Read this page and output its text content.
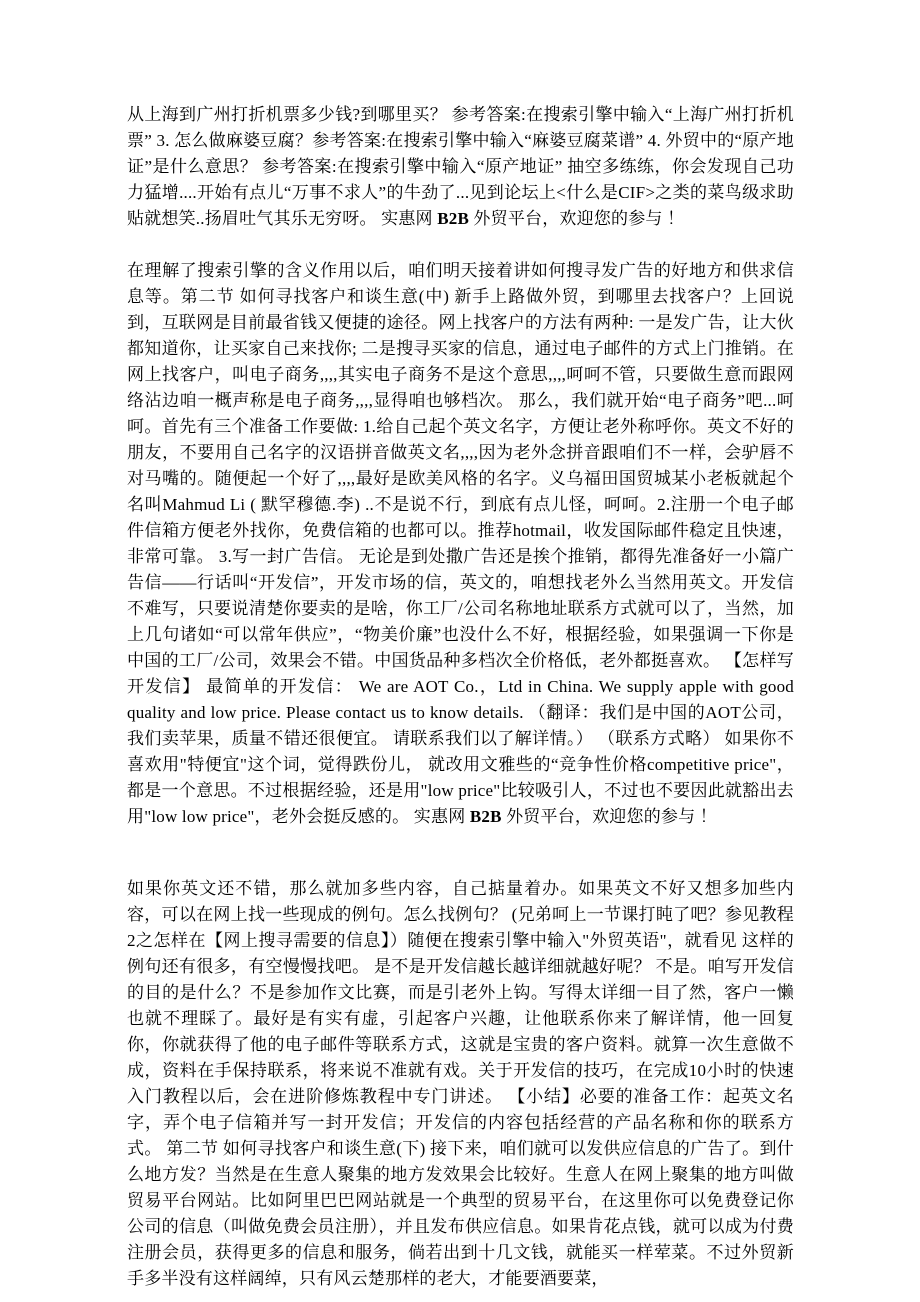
从上海到广州打折机票多少钱?到哪里买？ 参考答案:在搜索引擎中输入“上海广州打折机票” 3. 怎么做麻婆豆腐？参考答案:在搜索引擎中输入“麻婆豆腐菜谱” 4. 外贸中的“原产地证”是什么意思？ 参考答案:在搜索引擎中输入“原产地证” 抽空多练练，你会发现自己功力猛增....开始有点儿“万事不求人”的牛劲了...见到论坛上<什么是CIF>之类的菜鸟级求助贴就想笑..扬眉吐气其乐无穷呀。 实惠网 B2B 外贸平台，欢迎您的参与 ！

在理解了搜索引擎的含义作用以后，咱们明天接着讲如何搜寻发广告的好地方和供求信息等。第二节 如何寻找客户和谈生意(中) 新手上路做外贸，到哪里去找客户？上回说到，互联网是目前最省钱又便捷的途径。网上找客户的方法有两种: 一是发广告，让大伙都知道你，让买家自己来找你; 二是搜寻买家的信息，通过电子邮件的方式上门推销。在网上找客户，叫电子商务,,,,其实电子商务不是这个意思,,,,呵呵不管，只要做生意而跟网络沾边咱一概声称是电子商务,,,,显得咱也够档次。 那么，我们就开始“电子商务”吧...呵呵。首先有三个准备工作要做: 1.给自己起个英文名字，方便让老外称呼你。英文不好的朋友，不要用自己名字的汉语拼音做英文名,,,,因为老外念拼音跟咱们不一样，会驴唇不对马嘴的。随便起一个好了,,,,最好是欧美风格的名字。义乌福田国贸城某小老板就起个名叫Mahmud Li ( 默罕穆德.李) ..不是说不行，到底有点儿怪，呵呵。2.注册一个电子邮件信箱方便老外找你，免费信箱的也都可以。推荐hotmail，收发国际邮件稳定且快速，非常可靠。 3.写一封广告信。 无论是到处撒广告还是挨个推销，都得先准备好一小篇广告信——行话叫“开发信”，开发市场的信，英文的，咱想找老外么当然用英文。开发信不难写，只要说清楚你要卖的是啥，你工厂/公司名称地址联系方式就可以了，当然，加上几句诸如“可以常年供应”，“物美价廉”也没什么不好，根据经验，如果强调一下你是中国的工厂/公司，效果会不错。中国货品种多档次全价格低，老外都挺喜欢。 【怎样写开发信】 最简单的开发信： We are AOT Co.，Ltd in China. We supply apple with good quality and low price. Please contact us to know details. （翻译：我们是中国的AOT公司，我们卖苹果，质量不错还很便宜。 请联系我们以了解详情。） （联系方式略） 如果你不喜欢用"特便宜"这个词，觉得跌份儿， 就改用文雅些的“竞争性价格competitive price"，都是一个意思。不过根据经验，还是用"low price"比较吸引人，不过也不要因此就豁出去用"low low price"，老外会挺反感的。 实惠网 B2B 外贸平台，欢迎您的参与 ！

如果你英文还不错，那么就加多些内容，自己掂量着办。如果英文不好又想多加些内容，可以在网上找一些现成的例句。怎么找例句？ (兄弟呵上一节课打盹了吧？参见教程2之怎样在【网上搜寻需要的信息】）随便在搜索引擎中输入"外贸英语"，就看见 这样的例句还有很多，有空慢慢找吧。 是不是开发信越长越详细就越好呢？ 不是。咱写开发信的目的是什么？不是参加作文比赛，而是引老外上钩。写得太详细一目了然，客户一懒也就不理睬了。最好是有实有虚，引起客户兴趣，让他联系你来了解详情，他一回复你，你就获得了他的电子邮件等联系方式，这就是宝贵的客户资料。就算一次生意做不成，资料在手保持联系，将来说不准就有戏。关于开发信的技巧，在完成10小时的快速入门教程以后，会在进阶修炼教程中专门讲述。 【小结】必要的准备工作：起英文名字，弄个电子信箱并写一封开发信；开发信的内容包括经营的产品名称和你的联系方式。 第二节 如何寻找客户和谈生意(下) 接下来，咱们就可以发供应信息的广告了。到什么地方发？当然是在生意人聚集的地方发效果会比较好。生意人在网上聚集的地方叫做贸易平台网站。比如阿里巴巴网站就是一个典型的贸易平台，在这里你可以免费登记你公司的信息（叫做免费会员注册），并且发布供应信息。如果肯花点钱，就可以成为付费注册会员，获得更多的信息和服务，倘若出到十几文钱，就能买一样荤菜。不过外贸新手多半没有这样阔绰，只有风云楚那样的老大，才能要酒要菜，
